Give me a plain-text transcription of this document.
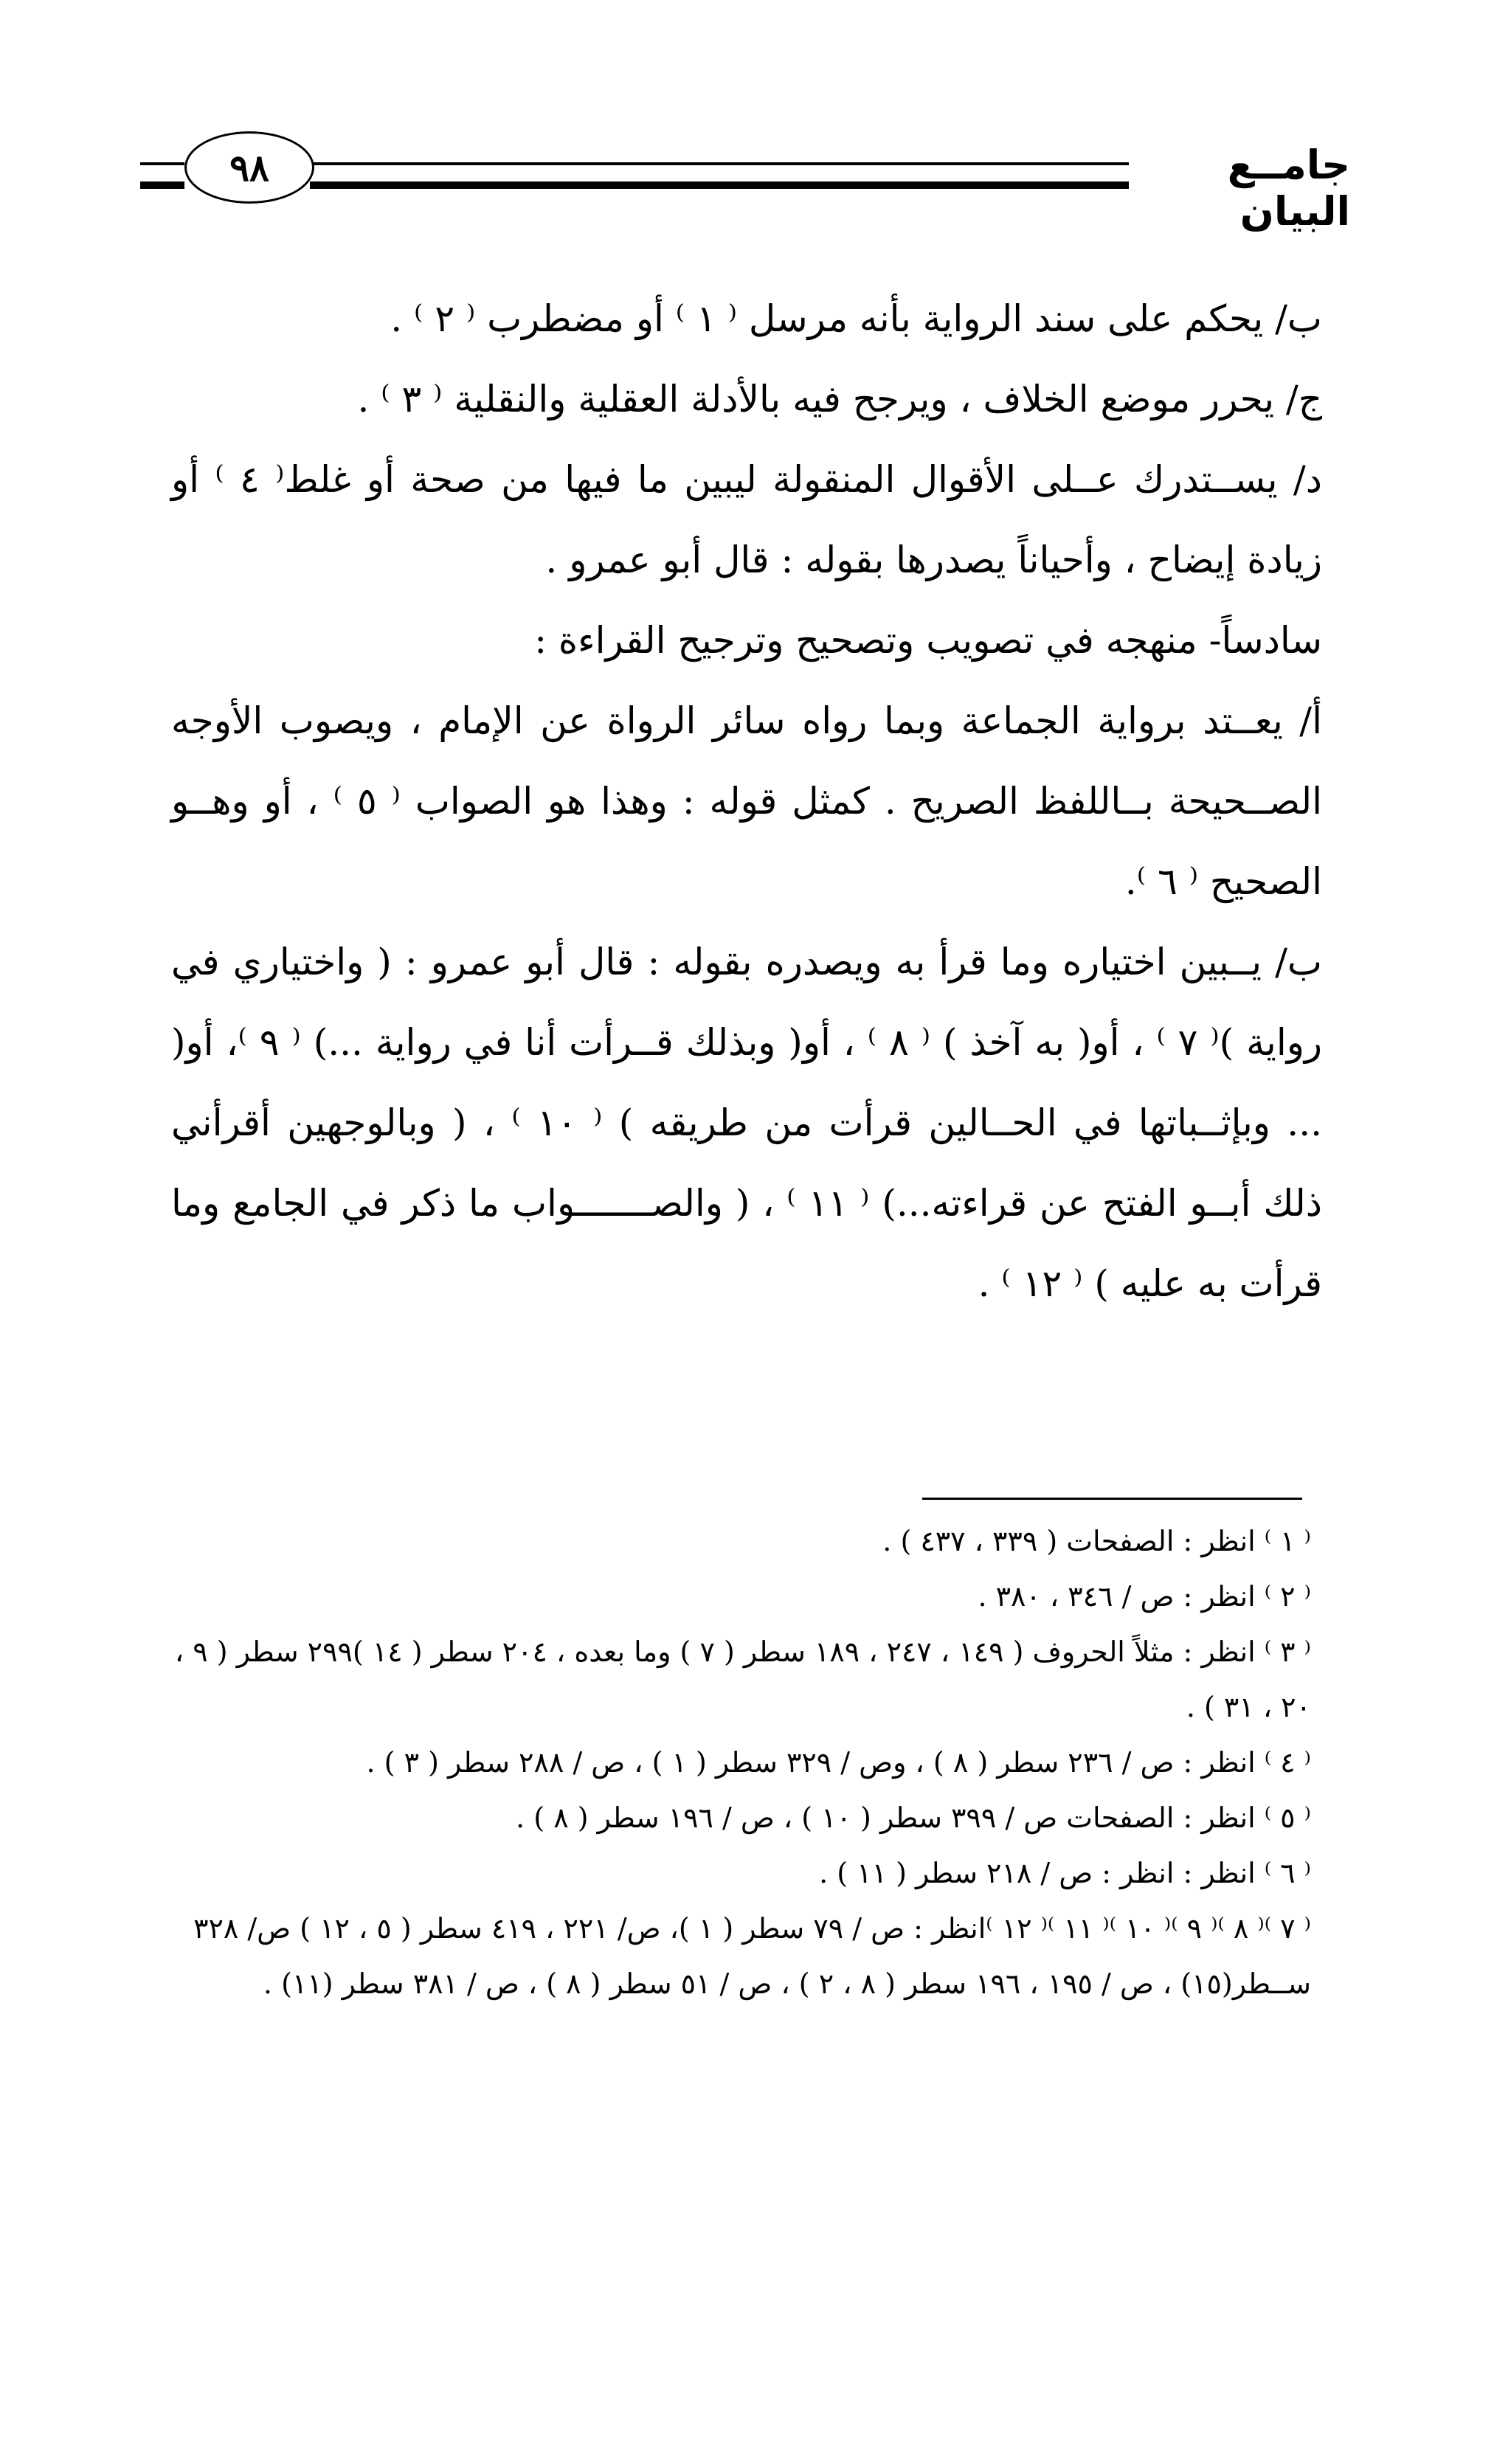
٩٨	جامــع البيان

ب/ يحكم على سند الرواية بأنه مرسل ⁽ ١ ⁾ أو مضطرب ⁽ ٢ ⁾ .

ج/ يحرر موضع الخلاف ، ويرجح فيه بالأدلة العقلية والنقلية ⁽ ٣ ⁾ .

د/ يســتدرك عــلى الأقوال المنقولة ليبين ما فيها من صحة أو غلط⁽ ٤ ⁾ أو زيادة إيضاح ، وأحياناً يصدرها بقوله : قال أبو عمرو .

سادساً- منهجه في تصويب وتصحيح وترجيح القراءة :

أ/ يعــتد برواية الجماعة وبما رواه سائر الرواة عن الإمام ، ويصوب الأوجه الصــحيحة بــاللفظ الصريح . كمثل قوله : وهذا هو الصواب ⁽ ٥ ⁾ ، أو وهــو الصحيح ⁽ ٦ ⁾.

ب/ يــبين اختياره وما قرأ به ويصدره بقوله : قال أبو عمرو : ( واختياري في رواية )⁽ ٧ ⁾ ، أو( به آخذ ) ⁽ ٨ ⁾ ، أو( وبذلك قــرأت أنا في رواية ...) ⁽ ٩ ⁾، أو( ... وبإثــباتها في الحــالين قرأت من طريقه ) ⁽ ١٠ ⁾ ، ( وبالوجهين أقرأني ذلك أبــو الفتح عن قراءته...) ⁽ ١١ ⁾ ، ( والصـــــــواب ما ذكر في الجامع وما قرأت به عليه ) ⁽ ١٢ ⁾ .

⁽ ١ ⁾ انظر : الصفحات ( ٣٣٩ ، ٤٣٧ ) .

⁽ ٢ ⁾ انظر : ص / ٣٤٦ ، ٣٨٠ .

⁽ ٣ ⁾ انظر : مثلاً الحروف ( ١٤٩ ، ٢٤٧ ، ١٨٩ سطر ( ٧ ) وما بعده ، ٢٠٤ سطر ( ١٤ )٢٩٩ سطر ( ٩ ، ٢٠ ، ٣١ ) .

⁽ ٤ ⁾ انظر : ص / ٢٣٦ سطر ( ٨ ) ، وص / ٣٢٩ سطر ( ١ ) ، ص / ٢٨٨ سطر ( ٣ ) .

⁽ ٥ ⁾ انظر : الصفحات ص / ٣٩٩ سطر ( ١٠ ) ، ص / ١٩٦ سطر ( ٨ ) .

⁽ ٦ ⁾ انظر : انظر : ص / ٢١٨ سطر ( ١١ ) .

⁽ ٧ ⁾⁽ ٨ ⁾⁽ ٩ ⁾⁽ ١٠ ⁾⁽ ١١ ⁾⁽ ١٢ ⁾انظر : ص / ٧٩ سطر ( ١ )، ص/ ٢٢١ ، ٤١٩ سطر ( ٥ ، ١٢ ) ص/ ٣٢٨ ســطر(١٥) ، ص / ١٩٥ ، ١٩٦ سطر ( ٨ ، ٢ ) ، ص / ٥١ سطر ( ٨ ) ، ص / ٣٨١ سطر (١١) .
